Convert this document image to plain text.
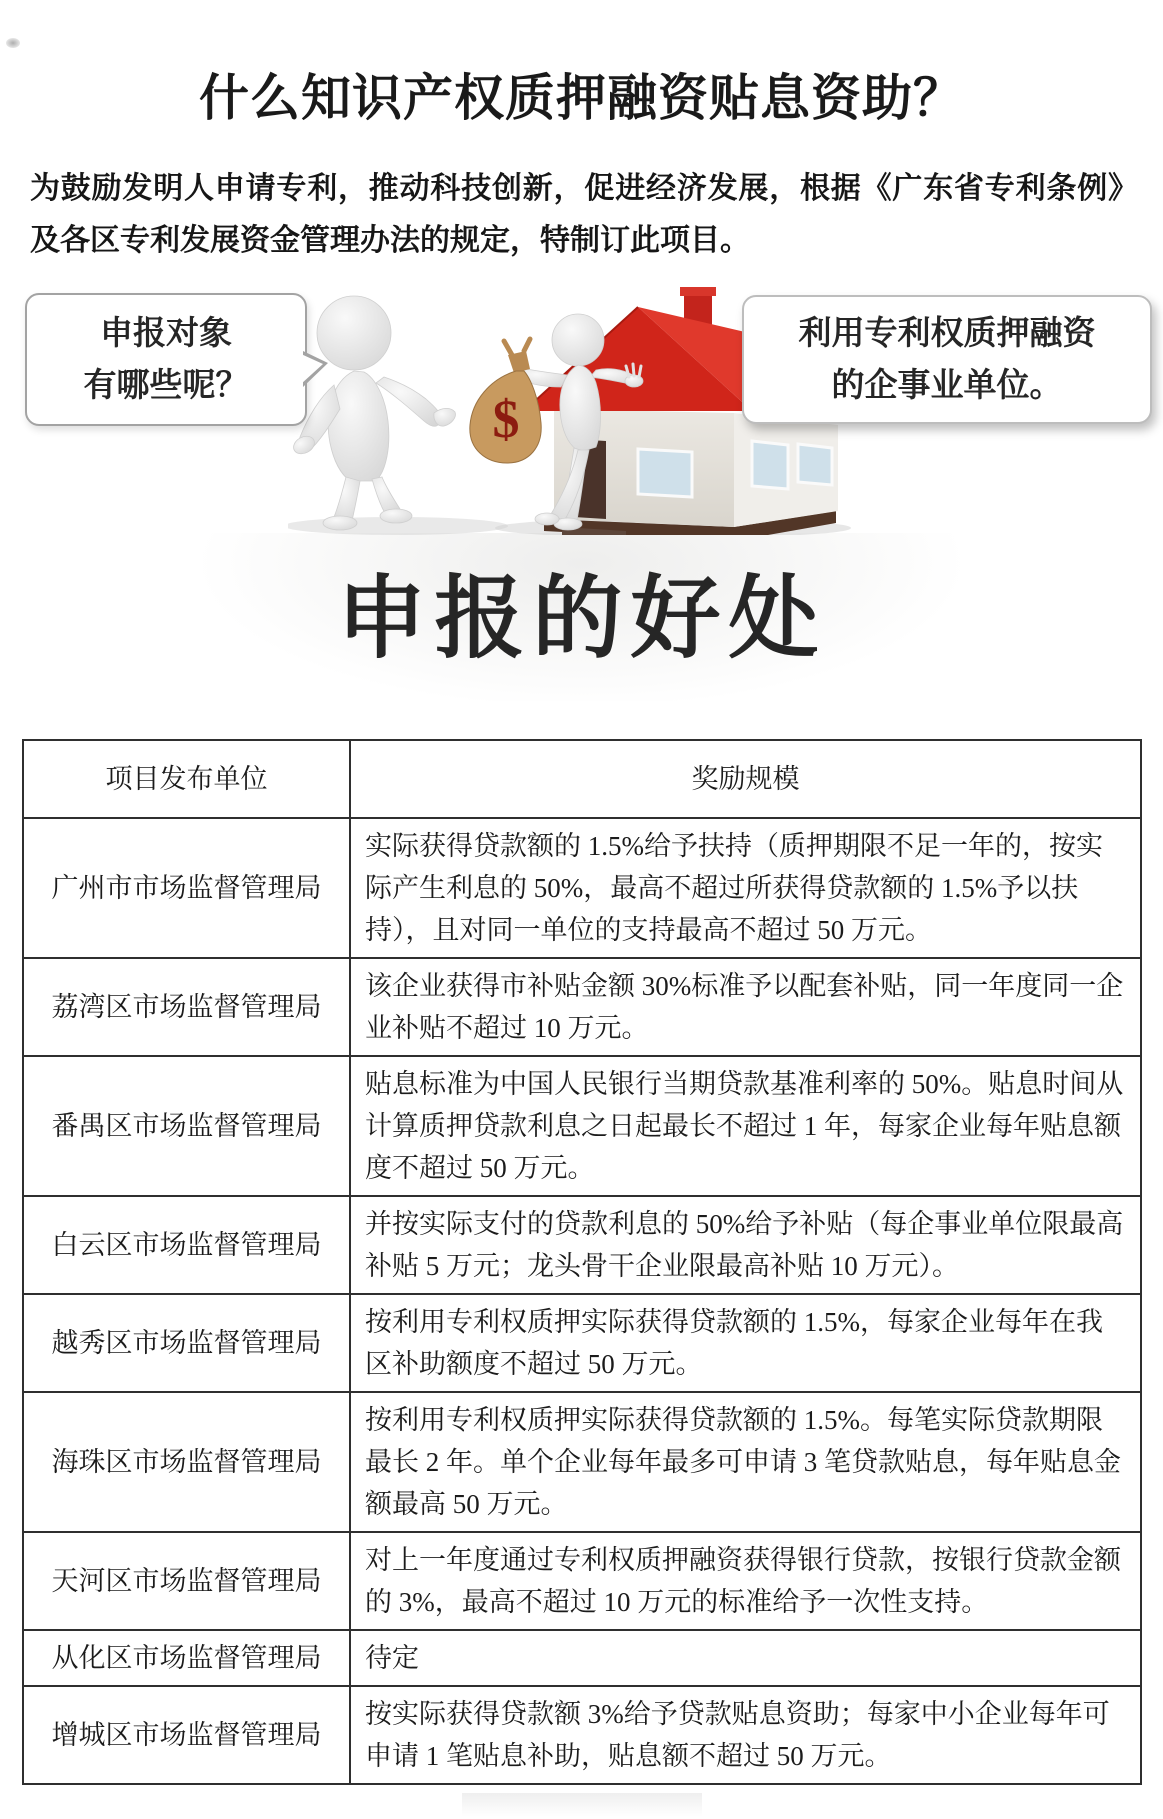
什么知识产权质押融资贴息资助？

为鼓励发明人申请专利，推动科技创新，促进经济发展，根据《广东省专利条例》及各区专利发展资金管理办法的规定，特制订此项目。

申报对象
有哪些呢？
利用专利权质押融资
的企事业单位。
$
申报的好处
项目发布单位	奖励规模
广州市市场监督管理局	实际获得贷款额的 1.5%给予扶持（质押期限不足一年的，按实际产生利息的 50%，最高不超过所获得贷款额的 1.5%予以扶持），且对同一单位的支持最高不超过 50 万元。
荔湾区市场监督管理局	该企业获得市补贴金额 30%标准予以配套补贴，同一年度同一企业补贴不超过 10 万元。
番禺区市场监督管理局	贴息标准为中国人民银行当期贷款基准利率的 50%。贴息时间从计算质押贷款利息之日起最长不超过 1 年，每家企业每年贴息额度不超过 50 万元。
白云区市场监督管理局	并按实际支付的贷款利息的 50%给予补贴（每企事业单位限最高补贴 5 万元；龙头骨干企业限最高补贴 10 万元）。
越秀区市场监督管理局	按利用专利权质押实际获得贷款额的 1.5%，每家企业每年在我区补助额度不超过 50 万元。
海珠区市场监督管理局	按利用专利权质押实际获得贷款额的 1.5%。每笔实际贷款期限最长 2 年。单个企业每年最多可申请 3 笔贷款贴息，每年贴息金额最高 50 万元。
天河区市场监督管理局	对上一年度通过专利权质押融资获得银行贷款，按银行贷款金额的 3%，最高不超过 10 万元的标准给予一次性支持。
从化区市场监督管理局	待定
增城区市场监督管理局	按实际获得贷款额 3%给予贷款贴息资助；每家中小企业每年可申请 1 笔贴息补助，贴息额不超过 50 万元。
